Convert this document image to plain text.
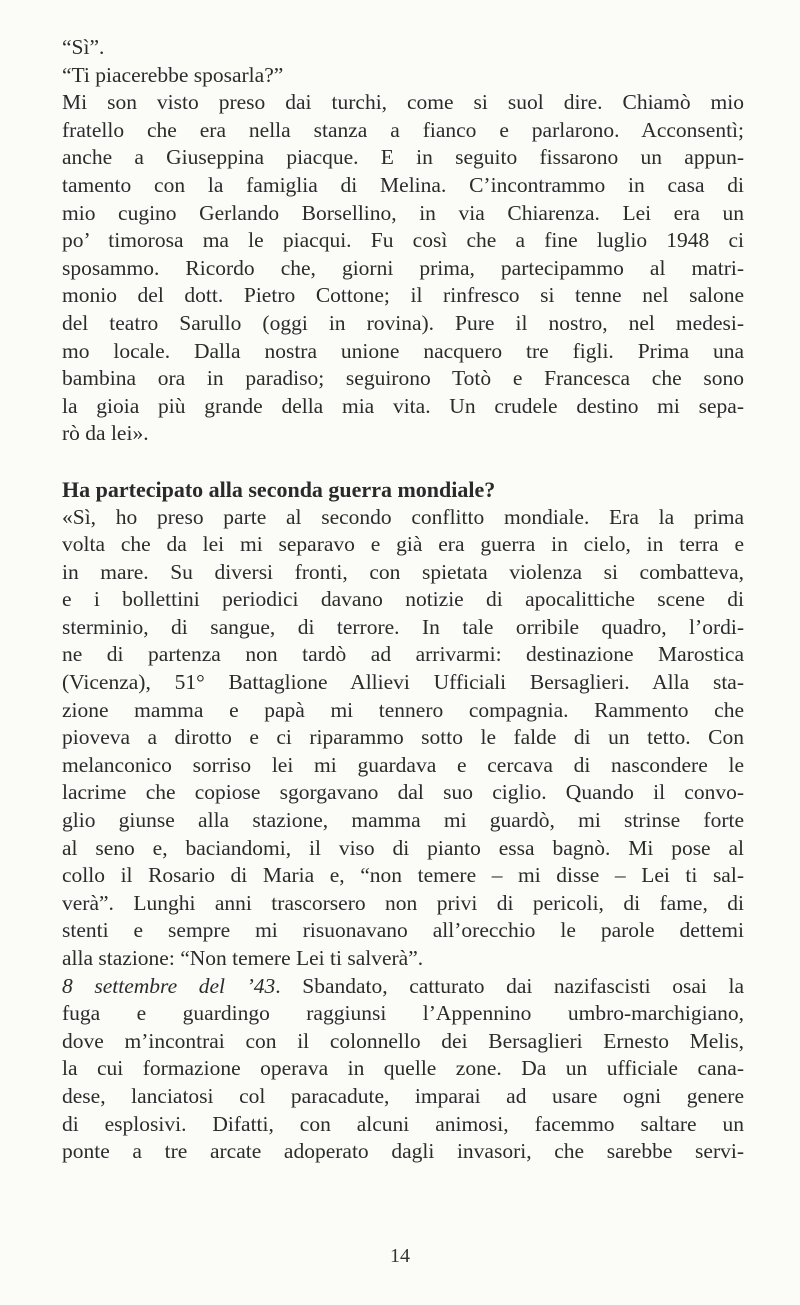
“Sì”.
“Ti piacerebbe sposarla?”
Mi son visto preso dai turchi, come si suol dire. Chiamò mio
fratello che era nella stanza a fianco e parlarono. Acconsentì;
anche a Giuseppina piacque. E in seguito fissarono un appun-
tamento con la famiglia di Melina. C’incontrammo in casa di
mio cugino Gerlando Borsellino, in via Chiarenza. Lei era un
po’ timorosa ma le piacqui. Fu così che a fine luglio 1948 ci
sposammo. Ricordo che, giorni prima, partecipammo al matri-
monio del dott. Pietro Cottone; il rinfresco si tenne nel salone
del teatro Sarullo (oggi in rovina). Pure il nostro, nel medesi-
mo locale. Dalla nostra unione nacquero tre figli. Prima una
bambina ora in paradiso; seguirono Totò e Francesca che sono
la gioia più grande della mia vita. Un crudele destino mi sepa-
rò da lei».
Ha partecipato alla seconda guerra mondiale?
«Sì, ho preso parte al secondo conflitto mondiale. Era la prima
volta che da lei mi separavo e già era guerra in cielo, in terra e
in mare. Su diversi fronti, con spietata violenza si combatteva,
e i bollettini periodici davano notizie di apocalittiche scene di
sterminio, di sangue, di terrore. In tale orribile quadro, l’ordi-
ne di partenza non tardò ad arrivarmi: destinazione Marostica
(Vicenza), 51° Battaglione Allievi Ufficiali Bersaglieri. Alla sta-
zione mamma e papà mi tennero compagnia. Rammento che
pioveva a dirotto e ci riparammo sotto le falde di un tetto. Con
melanconico sorriso lei mi guardava e cercava di nascondere le
lacrime che copiose sgorgavano dal suo ciglio. Quando il convo-
glio giunse alla stazione, mamma mi guardò, mi strinse forte
al seno e, baciandomi, il viso di pianto essa bagnò. Mi pose al
collo il Rosario di Maria e, “non temere – mi disse – Lei ti sal-
verà”. Lunghi anni trascorsero non privi di pericoli, di fame, di
stenti e sempre mi risuonavano all’orecchio le parole dettemi
alla stazione: “Non temere Lei ti salverà”.
8 settembre del ’43. Sbandato, catturato dai nazifascisti osai la
fuga e guardingo raggiunsi l’Appennino umbro-marchigiano,
dove m’incontrai con il colonnello dei Bersaglieri Ernesto Melis,
la cui formazione operava in quelle zone. Da un ufficiale cana-
dese, lanciatosi col paracadute, imparai ad usare ogni genere
di esplosivi. Difatti, con alcuni animosi, facemmo saltare un
ponte a tre arcate adoperato dagli invasori, che sarebbe servi-
14
